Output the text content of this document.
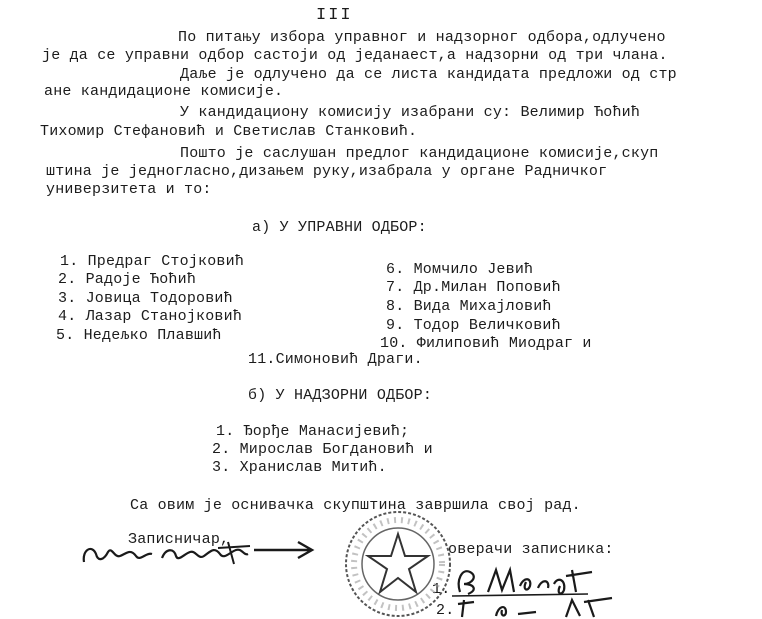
III
По питању избора управног и надзорног одбора,одлучено
је да се управни одбор састоји од једанаест,а надзорни од три члана.
Даље је одлучено да се листа кандидата предложи од стр
ане кандидационе комисије.
У кандидациону комисију изабрани су: Велимир Ћоћић
Тихомир Стефановић и Светислав Станковић.
Пошто је саслушан предлог кандидационе комисије,скуп
штина је једногласно,дизањем руку,изабрала у органе Радничког
универзитета и то:
а) У УПРАВНИ ОДБОР:
1. Предраг Стојковић
2. Радоје Ћоћић
3. Јовица Тодоровић
4. Лазар Станојковић
5. Недељко Плавшић
6. Момчило Јевић
7. Др.Милан Поповић
8. Вида Михајловић
9. Тодор Величковић
10. Филиповић Миодраг и
11.Симоновић Драги.
б) У НАДЗОРНИ ОДБОР:
1. Ђорђе Манасијевић;
2. Мирослав Богдановић и
3. Хранислав Митић.
Са овим је оснивачка скупштина завршила свој рад.
Записничар,
оверачи записника:
1.
2.
